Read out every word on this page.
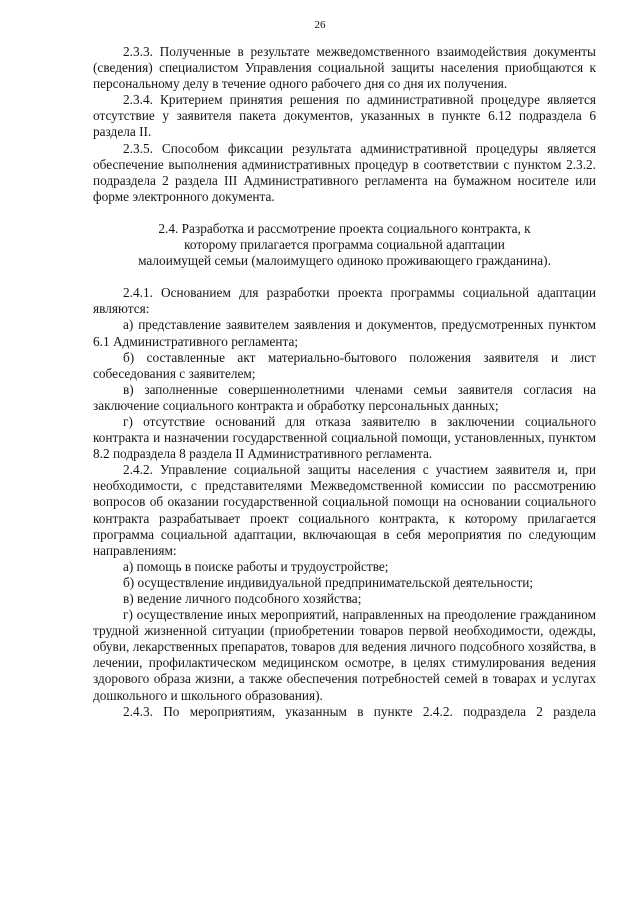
26
2.3.3. Полученные в результате межведомственного взаимодействия документы (сведения) специалистом Управления социальной защиты населения приобщаются к персональному делу в течение одного рабочего дня со дня их получения.
2.3.4. Критерием принятия решения по административной процедуре является отсутствие у заявителя пакета документов, указанных в пункте 6.12 подраздела 6 раздела II.
2.3.5. Способом фиксации результата административной процедуры является обеспечение выполнения административных процедур в соответствии с пунктом 2.3.2. подраздела 2 раздела III Административного регламента на бумажном носителе или форме электронного документа.
2.4. Разработка и рассмотрение проекта социального контракта, к
которому прилагается программа социальной адаптации
малоимущей семьи (малоимущего одиноко проживающего гражданина).
2.4.1. Основанием для разработки проекта программы социальной адаптации являются:
а) представление заявителем заявления и документов, предусмотренных пунктом 6.1 Административного регламента;
б) составленные акт материально-бытового положения заявителя и лист собеседования с заявителем;
в) заполненные совершеннолетними членами семьи заявителя согласия на заключение социального контракта и обработку персональных данных;
г) отсутствие оснований для отказа заявителю в заключении социального контракта и назначении государственной социальной помощи, установленных, пунктом 8.2 подраздела 8 раздела II Административного регламента.
2.4.2. Управление социальной защиты населения с участием заявителя и, при необходимости, с представителями Межведомственной комиссии по рассмотрению вопросов об оказании государственной социальной помощи на основании социального контракта разрабатывает проект социального контракта, к которому прилагается программа социальной адаптации, включающая в себя мероприятия по следующим направлениям:
а) помощь в поиске работы и трудоустройстве;
б) осуществление индивидуальной предпринимательской деятельности;
в) ведение личного подсобного хозяйства;
г) осуществление иных мероприятий, направленных на преодоление гражданином трудной жизненной ситуации (приобретении товаров первой необходимости, одежды, обуви, лекарственных препаратов, товаров для ведения личного подсобного хозяйства, в лечении, профилактическом медицинском осмотре, в целях стимулирования ведения здорового образа жизни, а также обеспечения потребностей семей в товарах и услугах дошкольного и школьного образования).
2.4.3. По мероприятиям, указанным в пункте 2.4.2. подраздела 2 раздела
